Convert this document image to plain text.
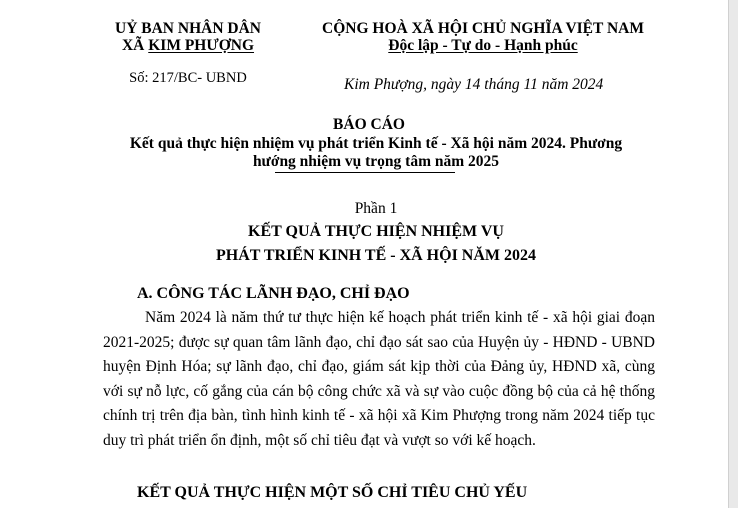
UỶ BAN NHÂN DÂN
XÃ KIM PHƯỢNG
Số: 217/BC- UBND
CỘNG HOÀ XÃ HỘI CHỦ NGHĨA VIỆT NAM
Độc lập - Tự do - Hạnh phúc
Kim Phượng, ngày 14 tháng 11 năm 2024
BÁO CÁO
Kết quả thực hiện nhiệm vụ phát triển Kinh tế - Xã hội năm 2024. Phương
hướng nhiệm vụ trọng tâm năm 2025
Phần 1
KẾT QUẢ THỰC HIỆN NHIỆM VỤ
PHÁT TRIỂN KINH TẾ - XÃ HỘI NĂM 2024
A. CÔNG TÁC LÃNH ĐẠO, CHỈ ĐẠO
Năm 2024 là năm thứ tư thực hiện kế hoạch phát triển kinh tế - xã hội giai đoạn 2021-2025; được sự quan tâm lãnh đạo, chỉ đạo sát sao của Huyện ủy - HĐND - UBND huyện Định Hóa; sự lãnh đạo, chỉ đạo, giám sát kịp thời của Đảng ủy, HĐND xã, cùng với sự nỗ lực, cố gắng của cán bộ công chức xã và sự vào cuộc đồng bộ của cả hệ thống chính trị trên địa bàn, tình hình kinh tế - xã hội xã Kim Phượng trong năm 2024 tiếp tục duy trì phát triển ổn định, một số chỉ tiêu đạt và vượt so với kế hoạch.
KẾT QUẢ THỰC HIỆN MỘT SỐ CHỈ TIÊU CHỦ YẾU
